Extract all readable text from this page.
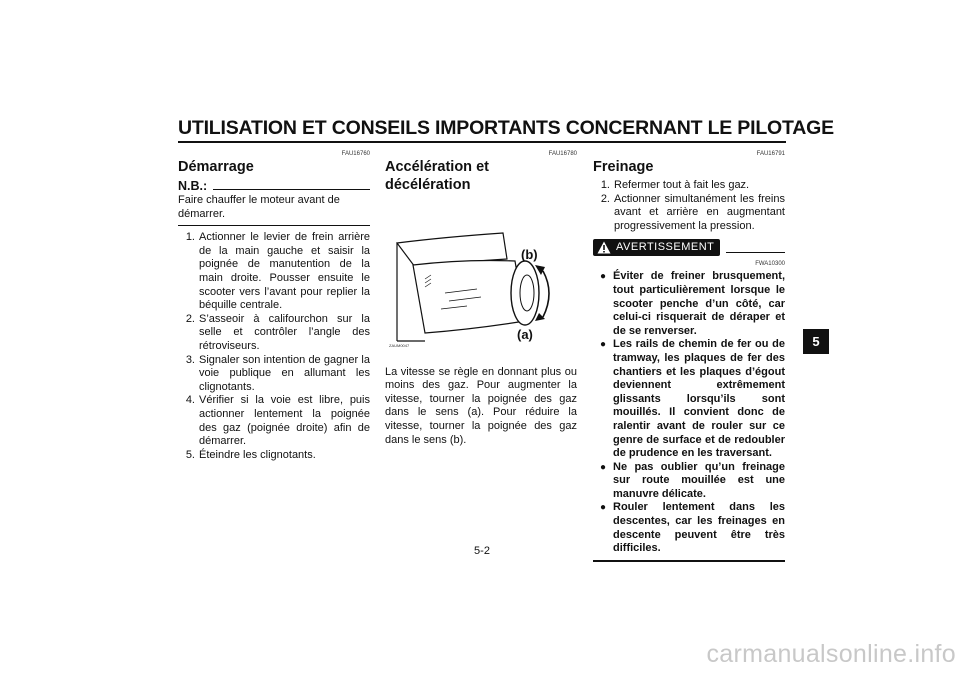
UTILISATION ET CONSEILS IMPORTANTS CONCERNANT LE PILOTAGE
FAU16760
Démarrage
N.B.:
Faire chauffer le moteur avant de démarrer.
1. Actionner le levier de frein arrière de la main gauche et saisir la poignée de manutention de la main droite. Pousser ensuite le scooter vers l’avant pour replier la béquille centrale.
2. S’asseoir à califourchon sur la selle et contrôler l’angle des rétroviseurs.
3. Signaler son intention de gagner la voie publique en allumant les clignotants.
4. Vérifier si la voie est libre, puis actionner lentement la poignée des gaz (poignée droite) afin de démarrer.
5. Éteindre les clignotants.
FAU16780
Accélération et décélération
(b)
(a)
ZAUM0047
La vitesse se règle en donnant plus ou moins des gaz. Pour augmenter la vitesse, tourner la poignée des gaz dans le sens (a). Pour réduire la vitesse, tourner la poignée des gaz dans le sens (b).
FAU16791
Freinage
1. Refermer tout à fait les gaz.
2. Actionner simultanément les freins avant et arrière en augmentant progressivement la pression.
AVERTISSEMENT
FWA10300
● Éviter de freiner brusquement, tout particulièrement lorsque le scooter penche d’un côté, car celui-ci risquerait de déraper et de se renverser.
● Les rails de chemin de fer ou de tramway, les plaques de fer des chantiers et les plaques d’égout deviennent extrêmement glissants lorsqu’ils sont mouillés. Il convient donc de ralentir avant de rouler sur ce genre de surface et de redoubler de prudence en les traversant.
● Ne pas oublier qu’un freinage sur route mouillée est une manuvre délicate.
● Rouler lentement dans les descentes, car les freinages en descente peuvent être très difficiles.
5
5-2
carmanualsonline.info
